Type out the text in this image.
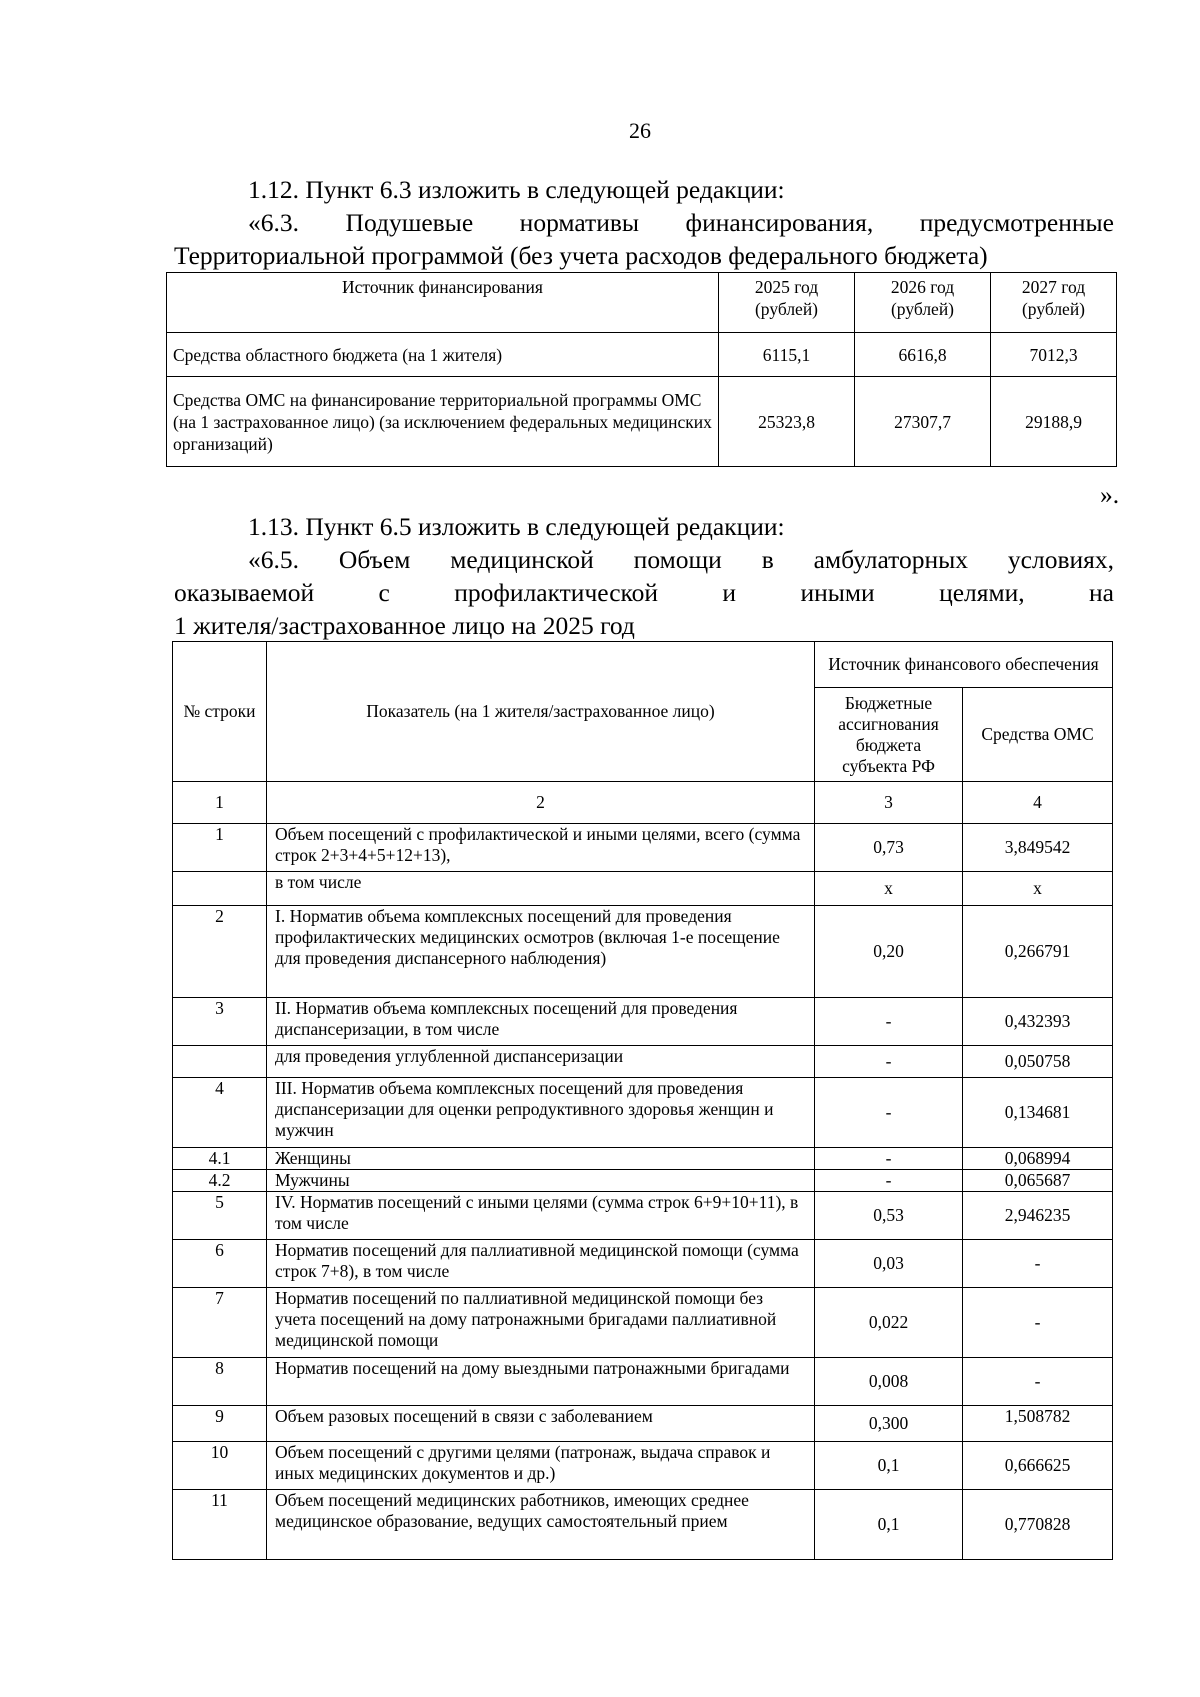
26

1.12. Пункт 6.3 изложить в следующей редакции:

«6.3. Подушевые нормативы финансирования, предусмотренные

Территориальной программой (без учета расходов федерального бюджета)

Источник финансирования	2025 год (рублей)	2026 год (рублей)	2027 год (рублей)
Средства областного бюджета (на 1 жителя)	6115,1	6616,8	7012,3
Средства ОМС на финансирование территориальной программы ОМС (на 1 застрахованное лицо) (за исключением федеральных медицинских организаций)	25323,8	27307,7	29188,9
».

1.13. Пункт 6.5 изложить в следующей редакции:

«6.5. Объем медицинской помощи в амбулаторных условиях,

оказываемой с профилактической и иными целями, на

1 жителя/застрахованное лицо на 2025 год

№ строки	Показатель (на 1 жителя/застрахованное лицо)	Источник финансового обеспечения	
		Бюджетные ассигнования бюджета субъекта РФ	Средства ОМС
1	2	3	4
1	Объем посещений с профилактической и иными целями, всего (сумма строк 2+3+4+5+12+13),	0,73	3,849542
	в том числе	x	x
2	I. Норматив объема комплексных посещений для проведения профилактических медицинских осмотров (включая 1-е посещение для проведения диспансерного наблюдения)	0,20	0,266791
3	II. Норматив объема комплексных посещений для проведения диспансеризации, в том числе	-	0,432393
	для проведения углубленной диспансеризации	-	0,050758
4	III. Норматив объема комплексных посещений для проведения диспансеризации для оценки репродуктивного здоровья женщин и мужчин	-	0,134681
4.1	Женщины	-	0,068994
4.2	Мужчины	-	0,065687
5	IV. Норматив посещений с иными целями (сумма строк 6+9+10+11), в том числе	0,53	2,946235
6	Норматив посещений для паллиативной медицинской помощи (сумма строк 7+8), в том числе	0,03	-
7	Норматив посещений по паллиативной медицинской помощи без учета посещений на дому патронажными бригадами паллиативной медицинской помощи	0,022	-
8	Норматив посещений на дому выездными патронажными бригадами	0,008	-
9	Объем разовых посещений в связи с заболеванием	0,300	1,508782
10	Объем посещений с другими целями (патронаж, выдача справок и иных медицинских документов и др.)	0,1	0,666625
11	Объем посещений медицинских работников, имеющих среднее медицинское образование, ведущих самостоятельный прием	0,1	0,770828
